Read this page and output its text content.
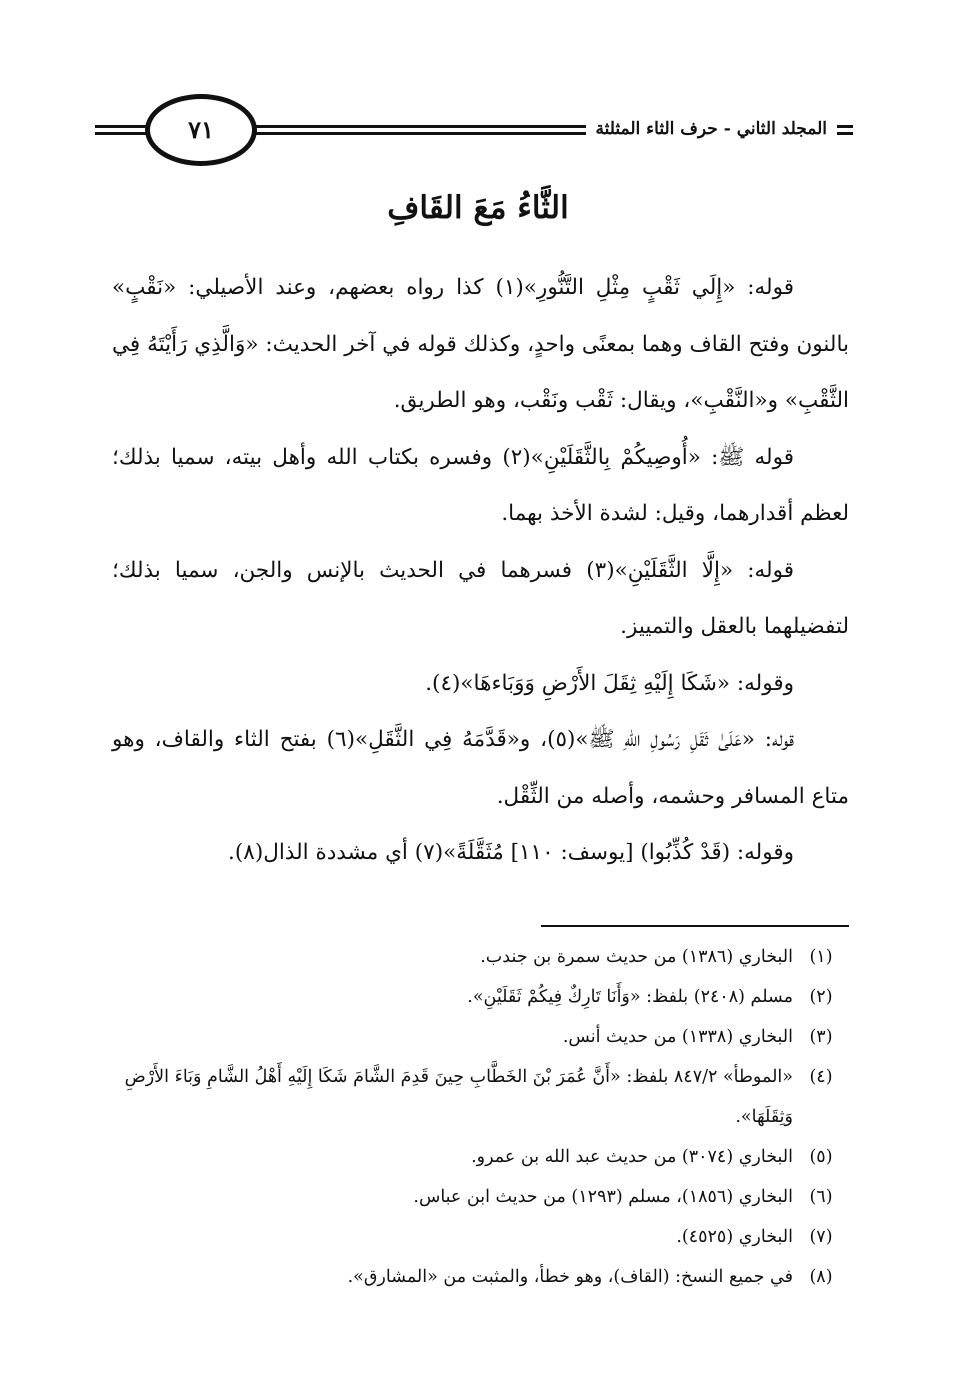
المجلد الثاني - حرف الثاء المثلثة
٧١
الثَّاءُ مَعَ القَافِ

قوله: «إِلَي ثَقْبٍ مِثْلِ التَّنُّورِ»(١) كذا رواه بعضهم، وعند الأصيلي: «نَقْبٍ» بالنون وفتح القاف وهما بمعنًى واحدٍ، وكذلك قوله في آخر الحديث: «وَالَّذِي رَأَيْتَهُ فِي الثَّقْبِ» و«النَّقْبِ»، ويقال: ثَقْب ونَقْب، وهو الطريق.

قوله ﷺ: «أُوصِيكُمْ بِالثَّقَلَيْنِ»(٢) وفسره بكتاب الله وأهل بيته، سميا بذلك؛ لعظم أقدارهما، وقيل: لشدة الأخذ بهما.

قوله: «إِلَّا الثَّقَلَيْنِ»(٣) فسرهما في الحديث بالإنس والجن، سميا بذلك؛ لتفضيلهما بالعقل والتمييز.

وقوله: «شَكَا إِلَيْهِ ثِقَلَ الأَرْضِ وَوَبَاءهَا»(٤).

قوله: «عَلَىٰ ثَقَلِ رَسُولِ اللهِ ﷺ»(٥)، و«قَدَّمَهُ فِي الثَّقَلِ»(٦) بفتح الثاء والقاف، وهو متاع المسافر وحشمه، وأصله من الثِّقْل.

وقوله: (قَدْ كُذِّبُوا) [يوسف: ١١٠] مُثَقَّلَةً»(٧) أي مشددة الذال(٨).

(١)
البخاري (١٣٨٦) من حديث سمرة بن جندب.
(٢)
مسلم (٢٤٠٨) بلفظ: «وَأَنَا تَارِكٌ فِيكُمْ ثَقَلَيْنِ».
(٣)
البخاري (١٣٣٨) من حديث أنس.
(٤)
«الموطأ» ٨٤٧/٢ بلفظ: «أَنَّ عُمَرَ بْنَ الخَطَّابِ حِينَ قَدِمَ الشَّامَ شَكَا إِلَيْهِ أَهْلُ الشَّامِ وَبَاءَ الأَرْضِ وَثِقَلَهَا».
(٥)
البخاري (٣٠٧٤) من حديث عبد الله بن عمرو.
(٦)
البخاري (١٨٥٦)، مسلم (١٢٩٣) من حديث ابن عباس.
(٧)
البخاري (٤٥٢٥).
(٨)
في جميع النسخ: (القاف)، وهو خطأ، والمثبت من «المشارق».
